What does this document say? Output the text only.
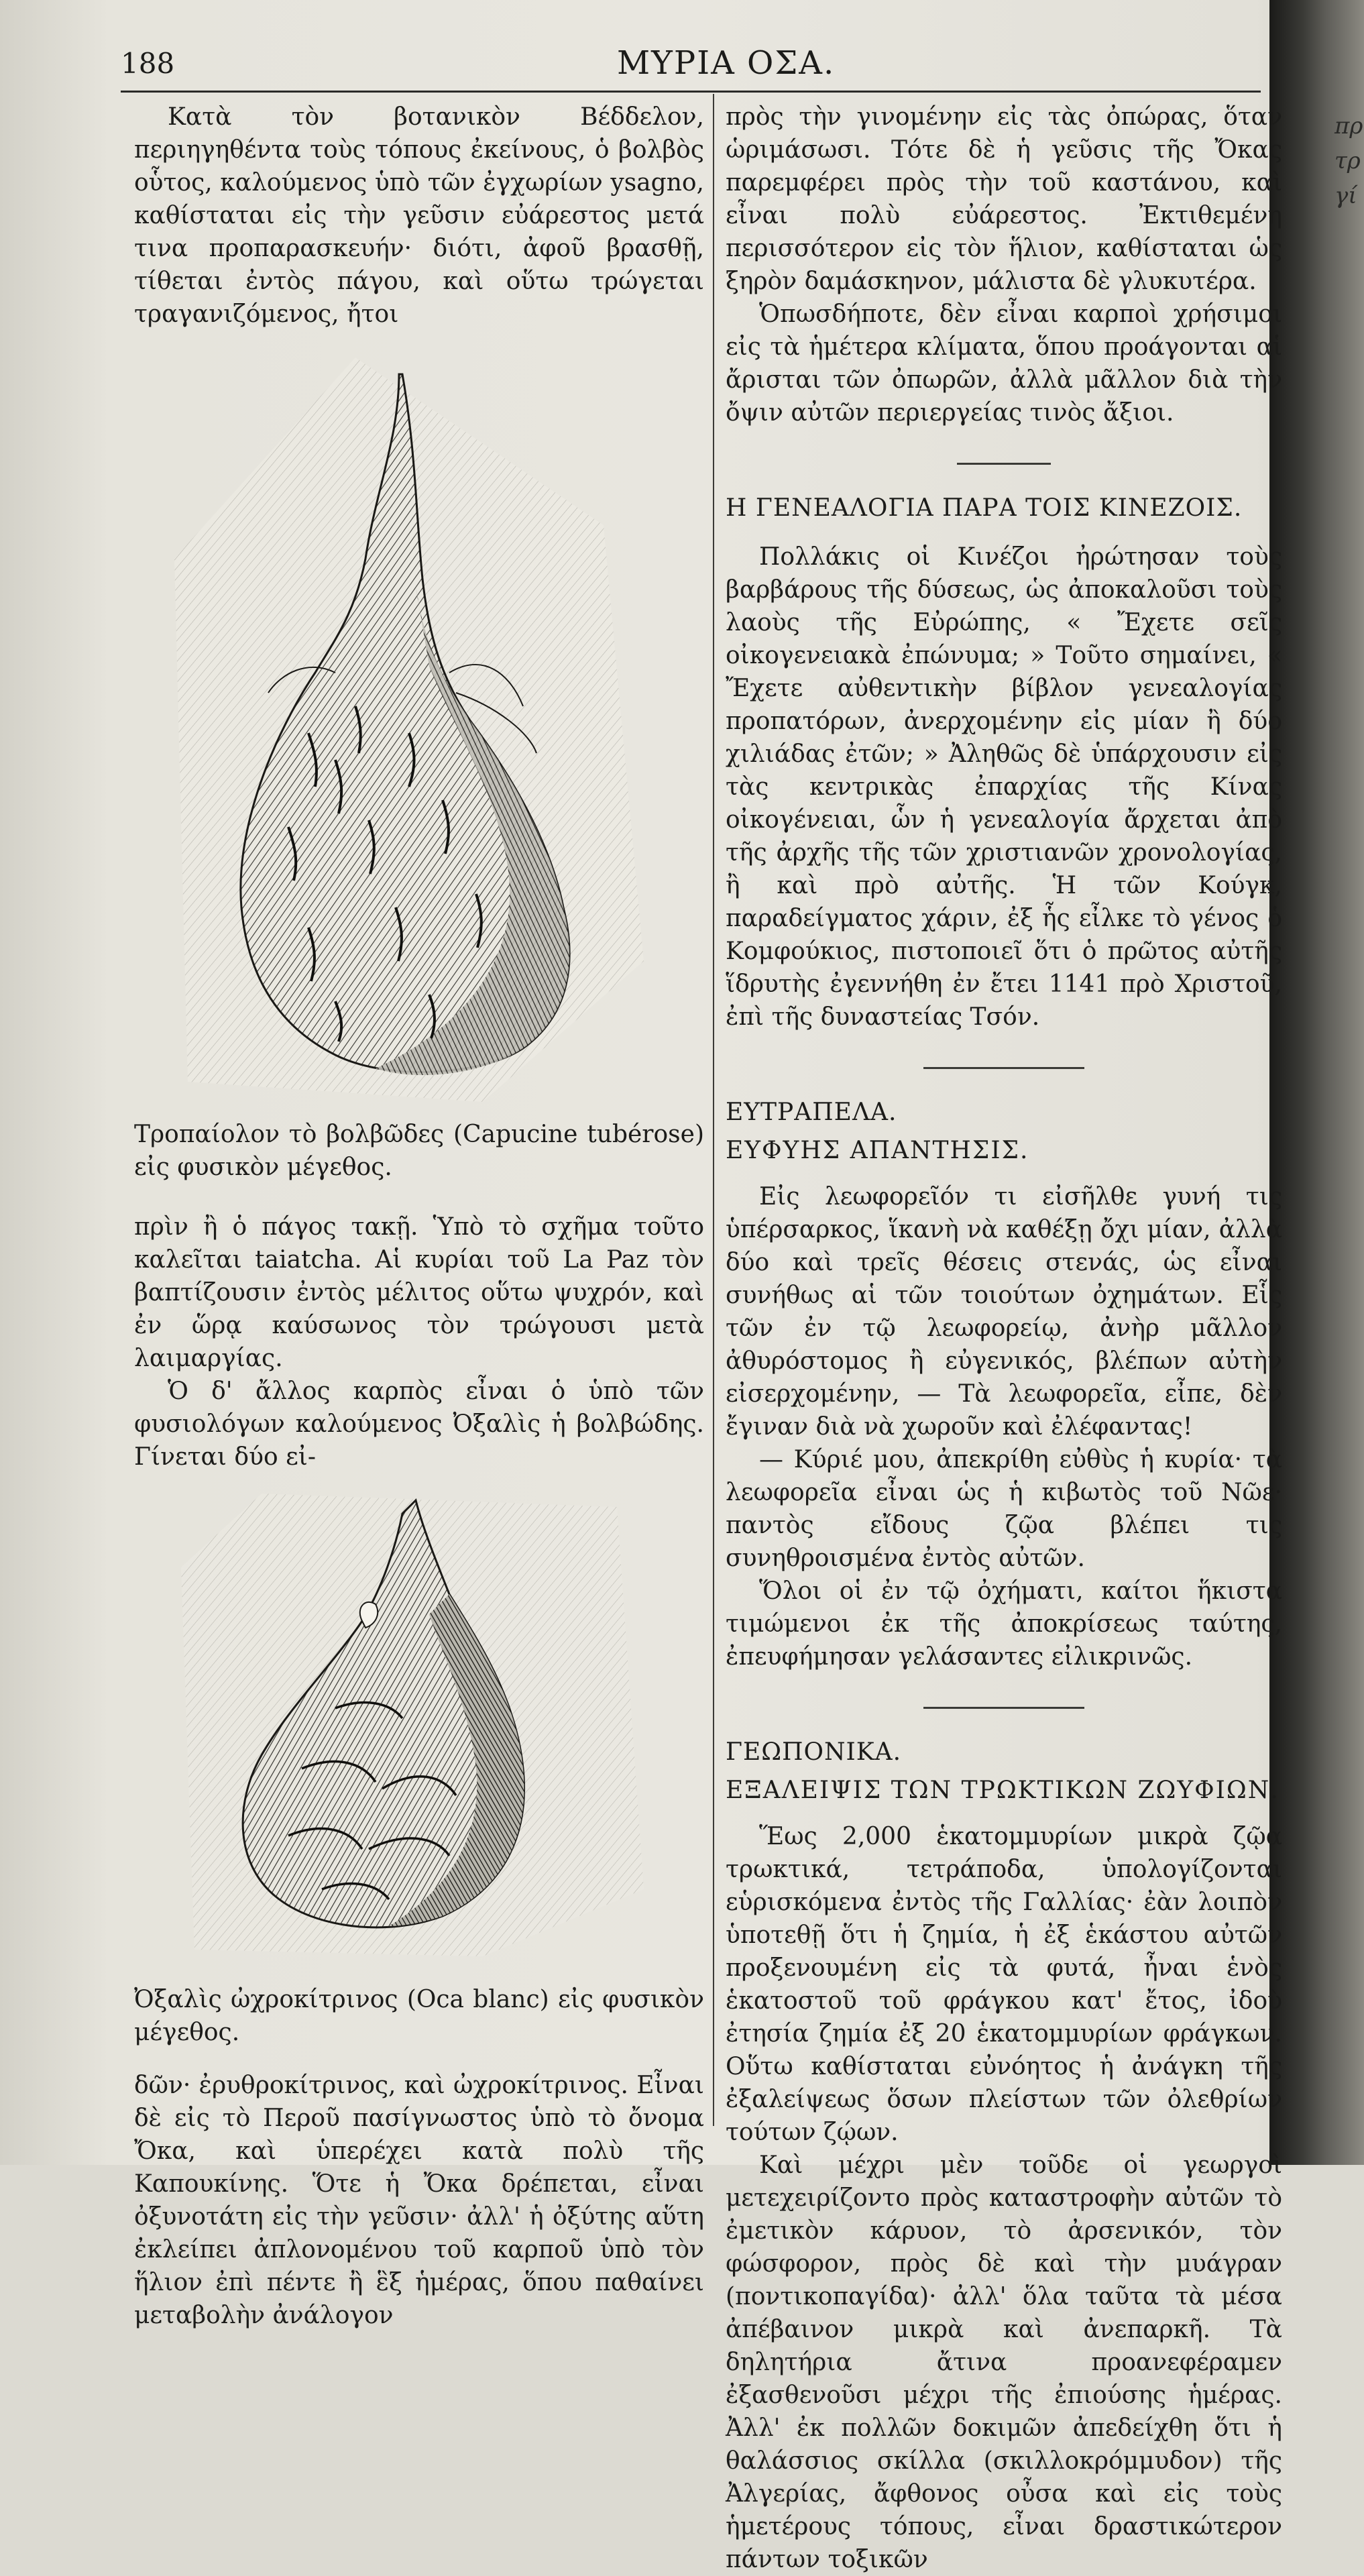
πρ
τρ
γί
188	ΜΥΡΙΑ ΟΣΑ.

Κατὰ τὸν βοτανικὸν Βέδδελον, περιηγηθέντα τοὺς τόπους ἐκείνους, ὁ βολβὸς οὗτος, καλούμενος ὑπὸ τῶν ἐγχωρίων ysagno, καθίσταται εἰς τὴν γεῦσιν εὐάρεστος μετά τινα προπαρασκευήν· διότι, ἀφοῦ βρασθῇ, τίθεται ἐντὸς πάγου, καὶ οὕτω τρώγεται τραγανιζόμενος, ἤτοι

Τροπαίολον τὸ βολβῶδες (Capucine tubérose) εἰς φυσικὸν μέγεθος.

πρὶν ἢ ὁ πάγος τακῇ. Ὑπὸ τὸ σχῆμα τοῦτο καλεῖται taiatcha. Αἱ κυρίαι τοῦ La Paz τὸν βαπτίζουσιν ἐντὸς μέλιτος οὕτω ψυχρόν, καὶ ἐν ὥρᾳ καύσωνος τὸν τρώγουσι μετὰ λαιμαργίας.

Ὁ δ' ἄλλος καρπὸς εἶναι ὁ ὑπὸ τῶν φυσιολόγων καλούμενος Ὀξαλὶς ἡ βολβώδης. Γίνεται δύο εἰ-

Ὀξαλὶς ὠχροκίτρινος (Oca blanc) εἰς φυσικὸν μέγεθος.

δῶν· ἐρυθροκίτρινος, καὶ ὠχροκίτρινος. Εἶναι δὲ εἰς τὸ Περοῦ πασίγνωστος ὑπὸ τὸ ὄνομα Ὄκα, καὶ ὑπερέχει κατὰ πολὺ τῆς Καπουκίνης. Ὅτε ἡ Ὄκα δρέπεται, εἶναι ὀξυνοτάτη εἰς τὴν γεῦσιν· ἀλλ' ἡ ὀξύτης αὕτη ἐκλείπει ἀπλονομένου τοῦ καρποῦ ὑπὸ τὸν ἥλιον ἐπὶ πέντε ἢ ἓξ ἡμέρας, ὅπου παθαίνει μεταβολὴν ἀνάλογον

πρὸς τὴν γινομένην εἰς τὰς ὀπώρας, ὅταν ὡριμάσωσι. Τότε δὲ ἡ γεῦσις τῆς Ὄκας παρεμφέρει πρὸς τὴν τοῦ καστάνου, καὶ εἶναι πολὺ εὐάρεστος. Ἐκτιθεμένη περισσότερον εἰς τὸν ἥλιον, καθίσταται ὡς ξηρὸν δαμάσκηνον, μάλιστα δὲ γλυκυτέρα.

Ὁπωσδήποτε, δὲν εἶναι καρποὶ χρήσιμοι εἰς τὰ ἡμέτερα κλίματα, ὅπου προάγονται αἱ ἄρισται τῶν ὀπωρῶν, ἀλλὰ μᾶλλον διὰ τὴν ὄψιν αὐτῶν περιεργείας τινὸς ἄξιοι.

Η ΓΕΝΕΑΛΟΓΙΑ ΠΑΡΑ ΤΟΙΣ ΚΙΝΕΖΟΙΣ.

Πολλάκις οἱ Κινέζοι ἠρώτησαν τοὺς βαρβάρους τῆς δύσεως, ὡς ἀποκαλοῦσι τοὺς λαοὺς τῆς Εὐρώπης, « Ἔχετε σεῖς οἰκογενειακὰ ἐπώνυμα; » Τοῦτο σημαίνει, « Ἔχετε αὐθεντικὴν βίβλον γενεαλογίας προπατόρων, ἀνερχομένην εἰς μίαν ἢ δύο χιλιάδας ἐτῶν; » Ἀληθῶς δὲ ὑπάρχουσιν εἰς τὰς κεντρικὰς ἐπαρχίας τῆς Κίνας οἰκογένειαι, ὧν ἡ γενεαλογία ἄρχεται ἀπὸ τῆς ἀρχῆς τῆς τῶν χριστιανῶν χρονολογίας, ἢ καὶ πρὸ αὐτῆς. Ἡ τῶν Κούγκ, παραδείγματος χάριν, ἐξ ἧς εἶλκε τὸ γένος ὁ Κομφούκιος, πιστοποιεῖ ὅτι ὁ πρῶτος αὐτῆς ἵδρυτὴς ἐγεννήθη ἐν ἔτει 1141 πρὸ Χριστοῦ, ἐπὶ τῆς δυναστείας Τσόν.

ΕΥΤΡΑΠΕΛΑ.

ΕΥΦΥΗΣ ΑΠΑΝΤΗΣΙΣ.

Εἰς λεωφορεῖόν τι εἰσῆλθε γυνή τις ὑπέρσαρκος, ἵκανὴ νὰ καθέξῃ ὄχι μίαν, ἀλλὰ δύο καὶ τρεῖς θέσεις στενάς, ὡς εἶναι συνήθως αἱ τῶν τοιούτων ὀχημάτων. Εἷς τῶν ἐν τῷ λεωφορείῳ, ἀνὴρ μᾶλλον ἀθυρόστομος ἢ εὐγενικός, βλέπων αὐτὴν εἰσερχομένην, — Τὰ λεωφορεῖα, εἶπε, δὲν ἔγιναν διὰ νὰ χωροῦν καὶ ἐλέφαντας!

— Κύριέ μου, ἀπεκρίθη εὐθὺς ἡ κυρία· τὰ λεωφορεῖα εἶναι ὡς ἡ κιβωτὸς τοῦ Νῶε· παντὸς εἴδους ζῷα βλέπει τις συνηθροισμένα ἐντὸς αὐτῶν.

Ὅλοι οἱ ἐν τῷ ὀχήματι, καίτοι ἥκιστα τιμώμενοι ἐκ τῆς ἀποκρίσεως ταύτης, ἐπευφήμησαν γελάσαντες εἰλικρινῶς.

ΓΕΩΠΟΝΙΚΑ.

ΕΞΑΛΕΙΨΙΣ ΤΩΝ ΤΡΩΚΤΙΚΩΝ ΖΩΥΦΙΩΝ.

Ἕως 2,000 ἑκατομμυρίων μικρὰ ζῷα τρωκτικά, τετράποδα, ὑπολογίζονται εὑρισκόμενα ἐντὸς τῆς Γαλλίας· ἐὰν λοιπὸν ὑποτεθῇ ὅτι ἡ ζημία, ἡ ἐξ ἑκάστου αὐτῶν προξενουμένη εἰς τὰ φυτά, ἦναι ἑνὸς ἑκατοστοῦ τοῦ φράγκου κατ' ἔτος, ἰδοὺ ἐτησία ζημία ἐξ 20 ἑκατομμυρίων φράγκων. Οὕτω καθίσταται εὐνόητος ἡ ἀνάγκη τῆς ἐξαλείψεως ὅσων πλείστων τῶν ὀλεθρίων τούτων ζῴων.

Καὶ μέχρι μὲν τοῦδε οἱ γεωργοὶ μετεχειρίζοντο πρὸς καταστροφὴν αὐτῶν τὸ ἐμετικὸν κάρυον, τὸ ἀρσενικόν, τὸν φώσφορον, πρὸς δὲ καὶ τὴν μυάγραν (ποντικοπαγίδα)· ἀλλ' ὅλα ταῦτα τὰ μέσα ἀπέβαινον μικρὰ καὶ ἀνεπαρκῆ. Τὰ δηλητήρια ἄτινα προανεφέραμεν ἐξασθενοῦσι μέχρι τῆς ἐπιούσης ἡμέρας. Ἀλλ' ἐκ πολλῶν δοκιμῶν ἀπεδείχθη ὅτι ἡ θαλάσσιος σκίλλα (σκιλλοκρόμμυδον) τῆς Ἀλγερίας, ἄφθονος οὖσα καὶ εἰς τοὺς ἡμετέρους τόπους, εἶναι δραστικώτερον πάντων τοξικῶν
